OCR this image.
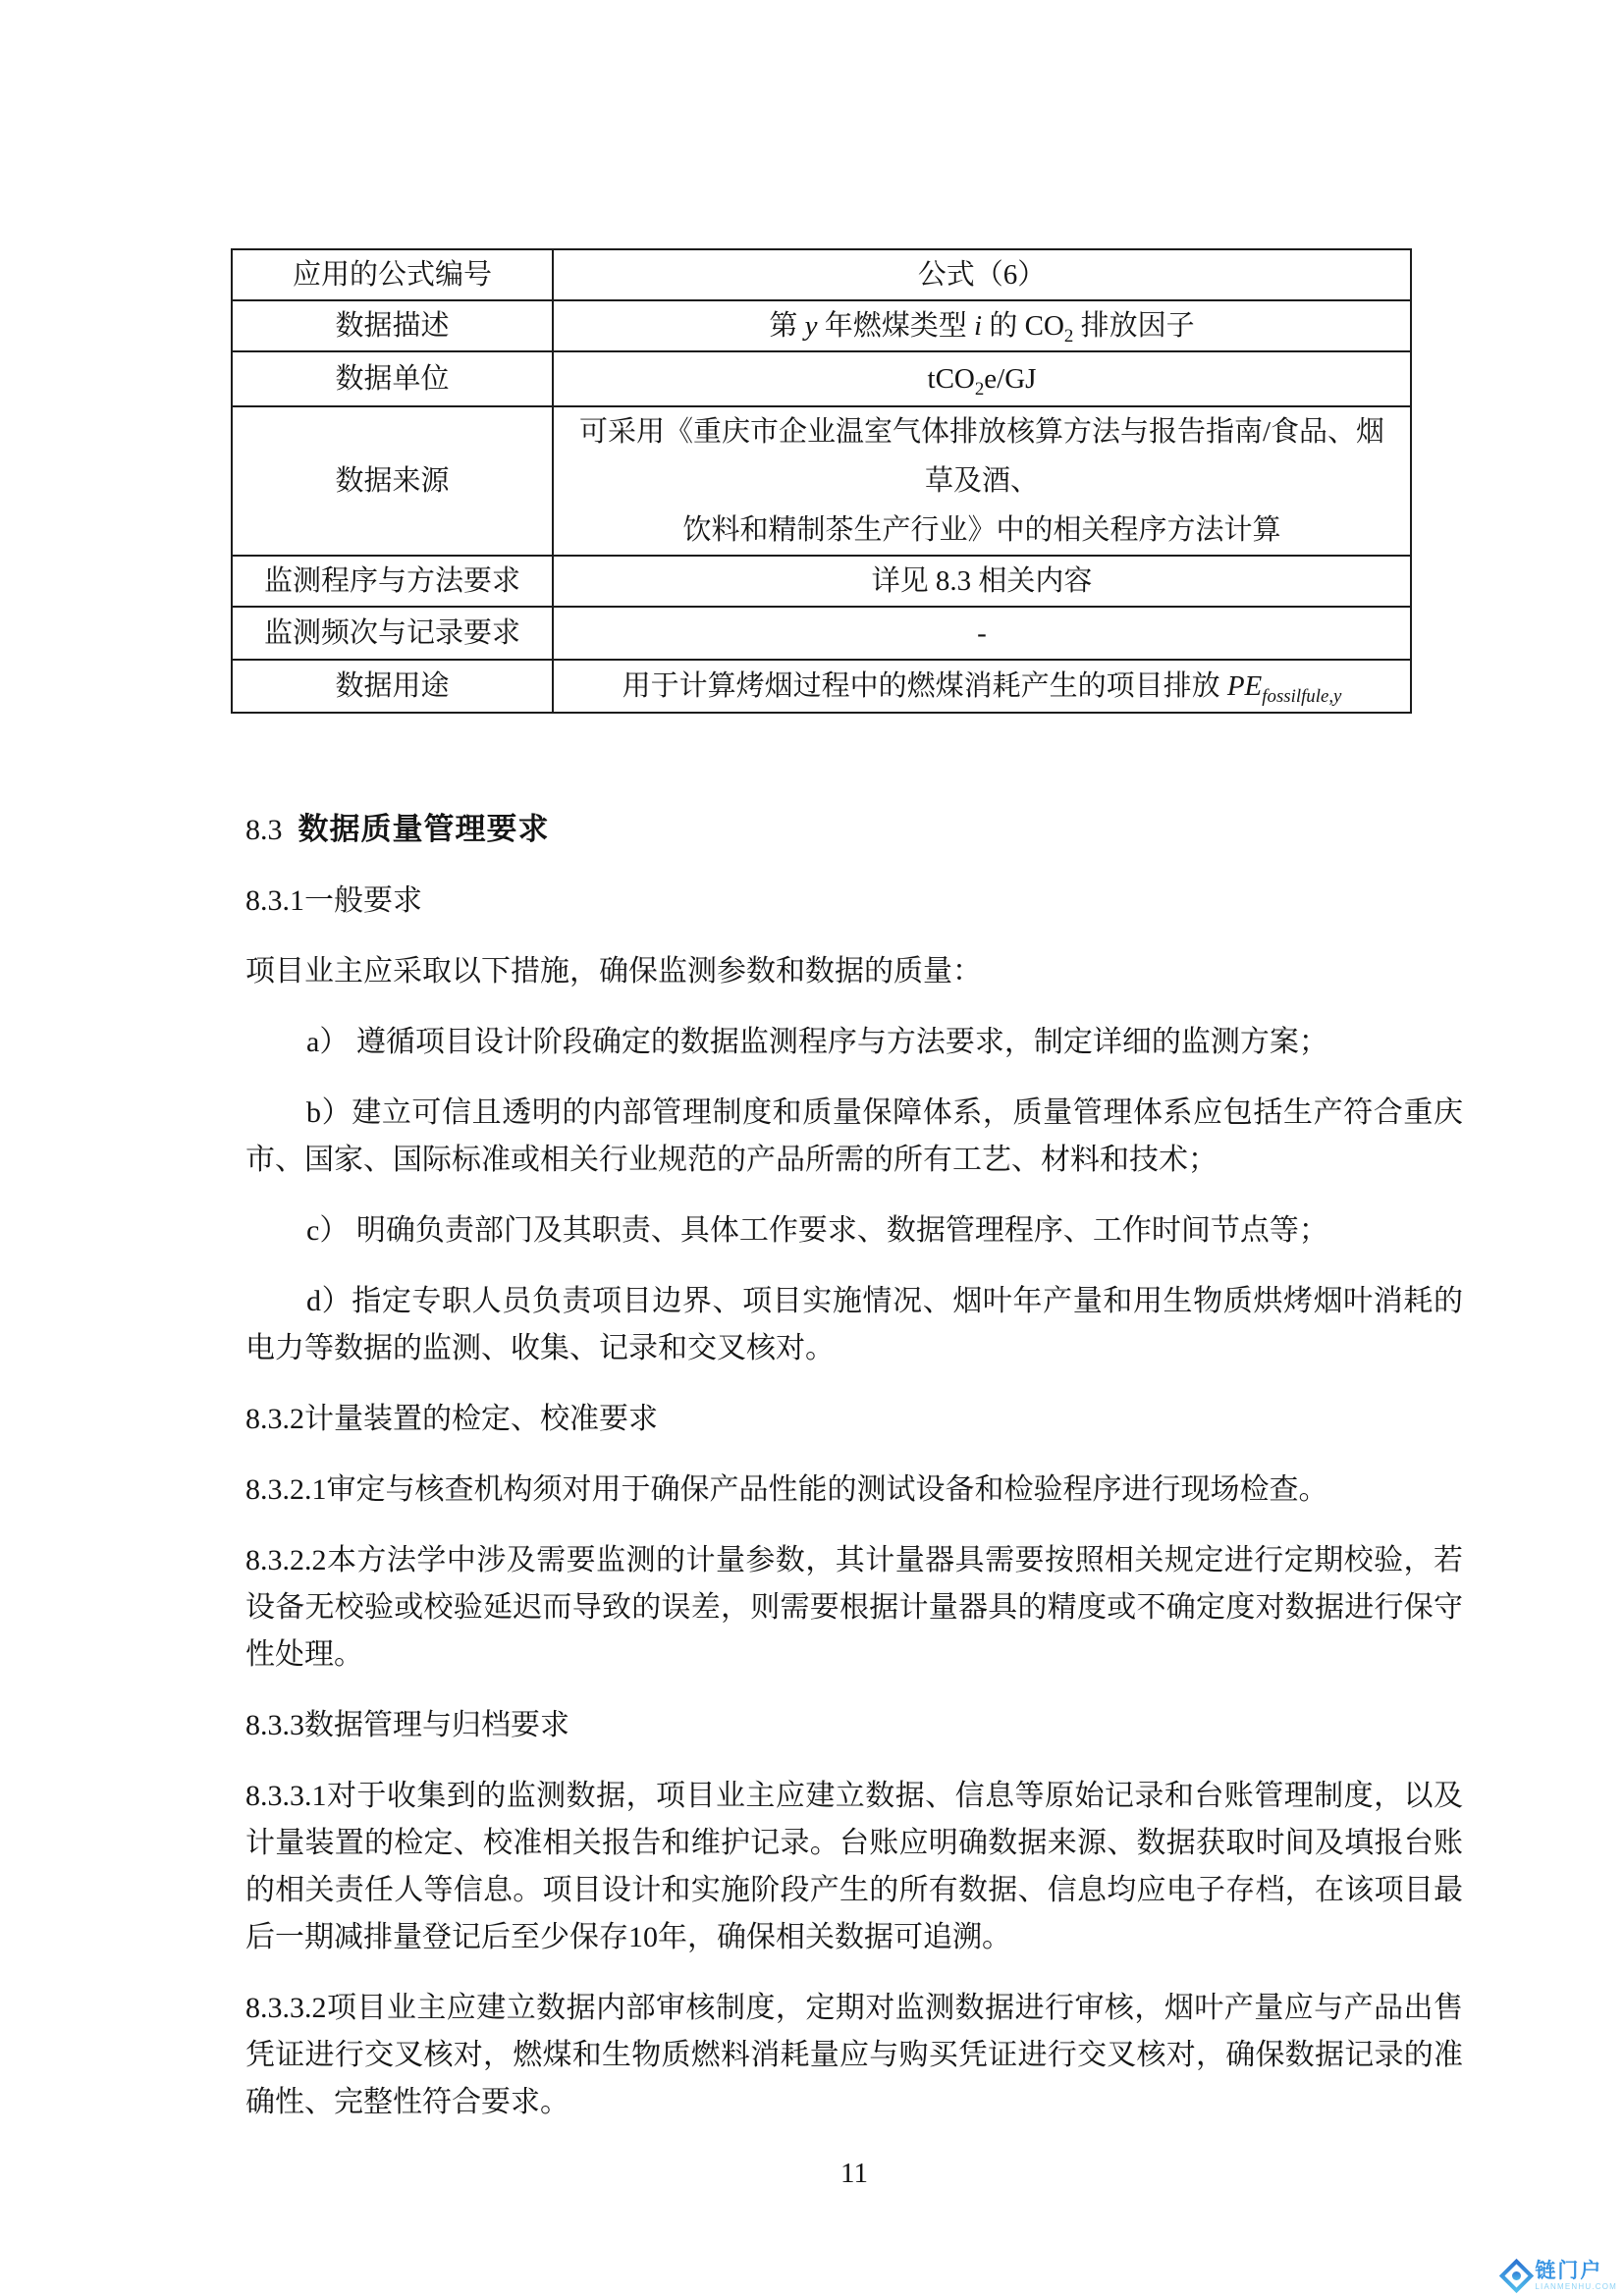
应用的公式编号	公式（6）
数据描述	第 y 年燃煤类型 i 的 $CO_2$ 排放因子
数据单位	tCO$_2$e/GJ
数据来源	可采用《重庆市企业温室气体排放核算方法与报告指南/食品、烟草及酒、
饮料和精制茶生产行业》中的相关程序方法计算

监测程序与方法要求	详见 8.3 相关内容
监测频次与记录要求	-
数据用途	用于计算烤烟过程中的燃煤消耗产生的项目排放 $PE_{fossilfule,y}$
8.3 数据质量管理要求

8.3.1一般要求

项目业主应采取以下措施，确保监测参数和数据的质量：

a） 遵循项目设计阶段确定的数据监测程序与方法要求，制定详细的监测方案；

b）建立可信且透明的内部管理制度和质量保障体系，质量管理体系应包括生产符合重庆市、国家、国际标准或相关行业规范的产品所需的所有工艺、材料和技术；

c） 明确负责部门及其职责、具体工作要求、数据管理程序、工作时间节点等；

d）指定专职人员负责项目边界、项目实施情况、烟叶年产量和用生物质烘烤烟叶消耗的电力等数据的监测、收集、记录和交叉核对。

8.3.2计量装置的检定、校准要求

8.3.2.1审定与核查机构须对用于确保产品性能的测试设备和检验程序进行现场检查。

8.3.2.2本方法学中涉及需要监测的计量参数，其计量器具需要按照相关规定进行定期校验，若设备无校验或校验延迟而导致的误差，则需要根据计量器具的精度或不确定度对数据进行保守性处理。

8.3.3数据管理与归档要求

8.3.3.1对于收集到的监测数据，项目业主应建立数据、信息等原始记录和台账管理制度，以及计量装置的检定、校准相关报告和维护记录。台账应明确数据来源、数据获取时间及填报台账的相关责任人等信息。项目设计和实施阶段产生的所有数据、信息均应电子存档，在该项目最后一期减排量登记后至少保存10年，确保相关数据可追溯。

8.3.3.2项目业主应建立数据内部审核制度，定期对监测数据进行审核，烟叶产量应与产品出售凭证进行交叉核对，燃煤和生物质燃料消耗量应与购买凭证进行交叉核对，确保数据记录的准确性、完整性符合要求。

11
链门户
LIANMENHU.COM
